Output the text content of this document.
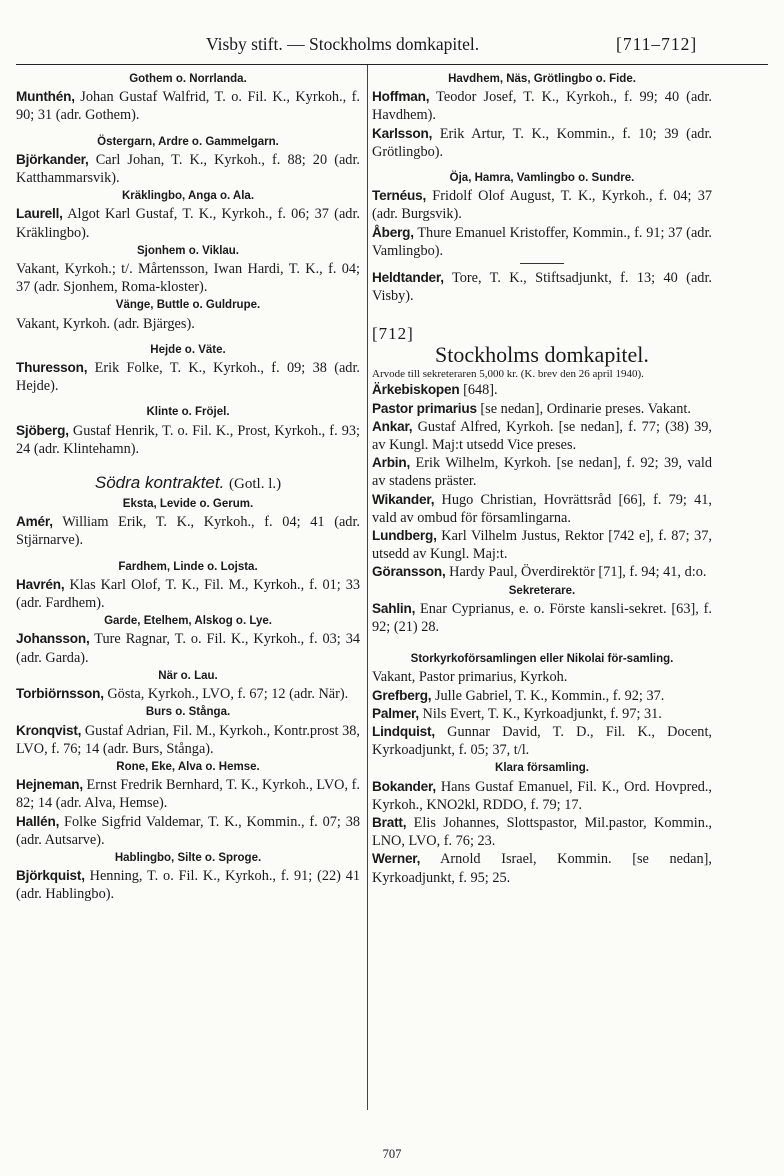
Visby stift. — Stockholms domkapitel.	[711–712]

Gothem o. Norrlanda.

Munthén, Johan Gustaf Walfrid, T. o. Fil. K., Kyrkoh., f. 90; 31 (adr. Gothem).

Östergarn, Ardre o. Gammelgarn.

Björkander, Carl Johan, T. K., Kyrkoh., f. 88; 20 (adr. Katthammarsvik).

Kräklingbo, Anga o. Ala.

Laurell, Algot Karl Gustaf, T. K., Kyrkoh., f. 06; 37 (adr. Kräklingbo).

Sjonhem o. Viklau.

Vakant, Kyrkoh.; t/. Mårtensson, Iwan Hardi, T. K., f. 04; 37 (adr. Sjonhem, Roma-kloster).

Vänge, Buttle o. Guldrupe.

Vakant, Kyrkoh. (adr. Bjärges).

Hejde o. Väte.

Thuresson, Erik Folke, T. K., Kyrkoh., f. 09; 38 (adr. Hejde).

Klinte o. Fröjel.

Sjöberg, Gustaf Henrik, T. o. Fil. K., Prost, Kyrkoh., f. 93; 24 (adr. Klintehamn).

Södra kontraktet. (Gotl. l.)

Eksta, Levide o. Gerum.

Amér, William Erik, T. K., Kyrkoh., f. 04; 41 (adr. Stjärnarve).

Fardhem, Linde o. Lojsta.

Havrén, Klas Karl Olof, T. K., Fil. M., Kyrkoh., f. 01; 33 (adr. Fardhem).

Garde, Etelhem, Alskog o. Lye.

Johansson, Ture Ragnar, T. o. Fil. K., Kyrkoh., f. 03; 34 (adr. Garda).

När o. Lau.

Torbiörnsson, Gösta, Kyrkoh., LVO, f. 67; 12 (adr. När).

Burs o. Stånga.

Kronqvist, Gustaf Adrian, Fil. M., Kyrkoh., Kontr.prost 38, LVO, f. 76; 14 (adr. Burs, Stånga).

Rone, Eke, Alva o. Hemse.

Hejneman, Ernst Fredrik Bernhard, T. K., Kyrkoh., LVO, f. 82; 14 (adr. Alva, Hemse).

Hallén, Folke Sigfrid Valdemar, T. K., Kommin., f. 07; 38 (adr. Autsarve).

Hablingbo, Silte o. Sproge.

Björkquist, Henning, T. o. Fil. K., Kyrkoh., f. 91; (22) 41 (adr. Hablingbo).

Havdhem, Näs, Grötlingbo o. Fide.

Hoffman, Teodor Josef, T. K., Kyrkoh., f. 99; 40 (adr. Havdhem).

Karlsson, Erik Artur, T. K., Kommin., f. 10; 39 (adr. Grötlingbo).

Öja, Hamra, Vamlingbo o. Sundre.

Ternéus, Fridolf Olof August, T. K., Kyrkoh., f. 04; 37 (adr. Burgsvik).

Åberg, Thure Emanuel Kristoffer, Kommin., f. 91; 37 (adr. Vamlingbo).

Heldtander, Tore, T. K., Stiftsadjunkt, f. 13; 40 (adr. Visby).

[712]

Stockholms domkapitel.

Arvode till sekreteraren 5,000 kr. (K. brev den 26 april 1940).

Ärkebiskopen [648].

Pastor primarius [se nedan], Ordinarie preses. Vakant.

Ankar, Gustaf Alfred, Kyrkoh. [se nedan], f. 77; (38) 39, av Kungl. Maj:t utsedd Vice preses.

Arbin, Erik Wilhelm, Kyrkoh. [se nedan], f. 92; 39, vald av stadens präster.

Wikander, Hugo Christian, Hovrättsråd [66], f. 79; 41, vald av ombud för församlingarna.

Lundberg, Karl Vilhelm Justus, Rektor [742 e], f. 87; 37, utsedd av Kungl. Maj:t.

Göransson, Hardy Paul, Överdirektör [71], f. 94; 41, d:o.

Sekreterare.

Sahlin, Enar Cyprianus, e. o. Förste kansli-sekret. [63], f. 92; (21) 28.

Storkyrkoförsamlingen eller Nikolai för-samling.

Vakant, Pastor primarius, Kyrkoh.

Grefberg, Julle Gabriel, T. K., Kommin., f. 92; 37.

Palmer, Nils Evert, T. K., Kyrkoadjunkt, f. 97; 31.

Lindquist, Gunnar David, T. D., Fil. K., Docent, Kyrkoadjunkt, f. 05; 37, t/l.

Klara församling.

Bokander, Hans Gustaf Emanuel, Fil. K., Ord. Hovpred., Kyrkoh., KNO2kl, RDDO, f. 79; 17.

Bratt, Elis Johannes, Slottspastor, Mil.pastor, Kommin., LNO, LVO, f. 76; 23.

Werner, Arnold Israel, Kommin. [se nedan], Kyrkoadjunkt, f. 95; 25.

707
